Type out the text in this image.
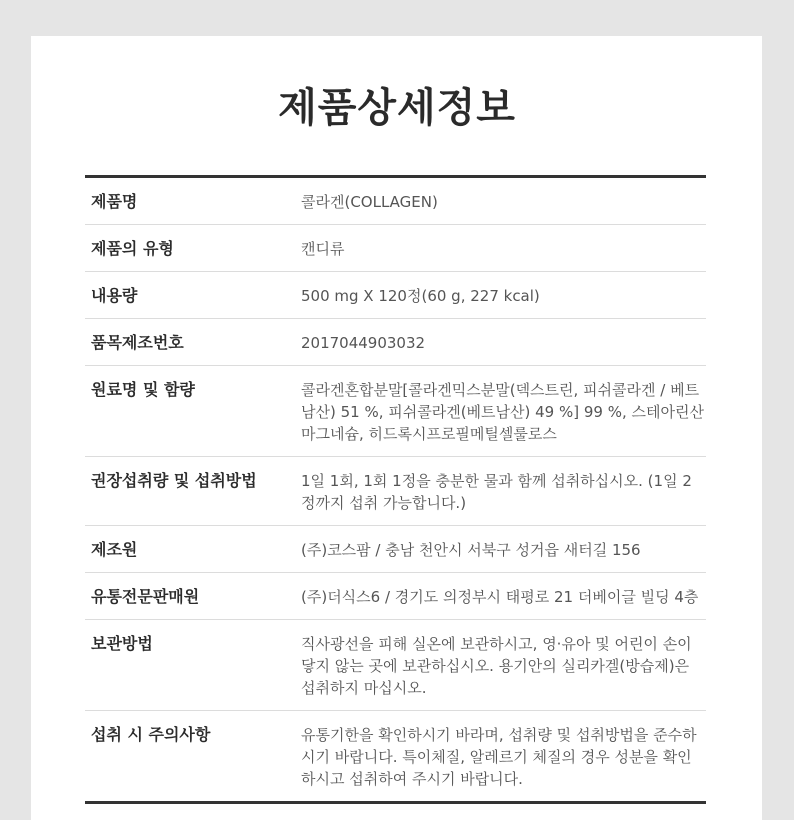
제품상세정보
제품명	콜라겐(COLLAGEN)
제품의 유형	캔디류
내용량	500 mg X 120정(60 g, 227 kcal)
품목제조번호	2017044903032
원료명 및 함량	콜라겐혼합분말[콜라겐믹스분말(덱스트린, 피쉬콜라겐 / 베트남산) 51 %, 피쉬콜라겐(베트남산) 49 %] 99 %, 스테아린산마그네슘, 히드록시프로필메틸셀룰로스
권장섭취량 및 섭취방법	1일 1회, 1회 1정을 충분한 물과 함께 섭취하십시오. (1일 2정까지 섭취 가능합니다.)
제조원	(주)코스팜 / 충남 천안시 서북구 성거읍 새터길 156
유통전문판매원	(주)더식스6 / 경기도 의정부시 태평로 21 더베이글 빌딩 4층
보관방법	직사광선을 피해 실온에 보관하시고, 영·유아 및 어린이 손이 닿지 않는 곳에 보관하십시오. 용기안의 실리카겔(방습제)은 섭취하지 마십시오.
섭취 시 주의사항	유통기한을 확인하시기 바라며, 섭취량 및 섭취방법을 준수하시기 바랍니다. 특이체질, 알레르기 체질의 경우 성분을 확인하시고 섭취하여 주시기 바랍니다.
